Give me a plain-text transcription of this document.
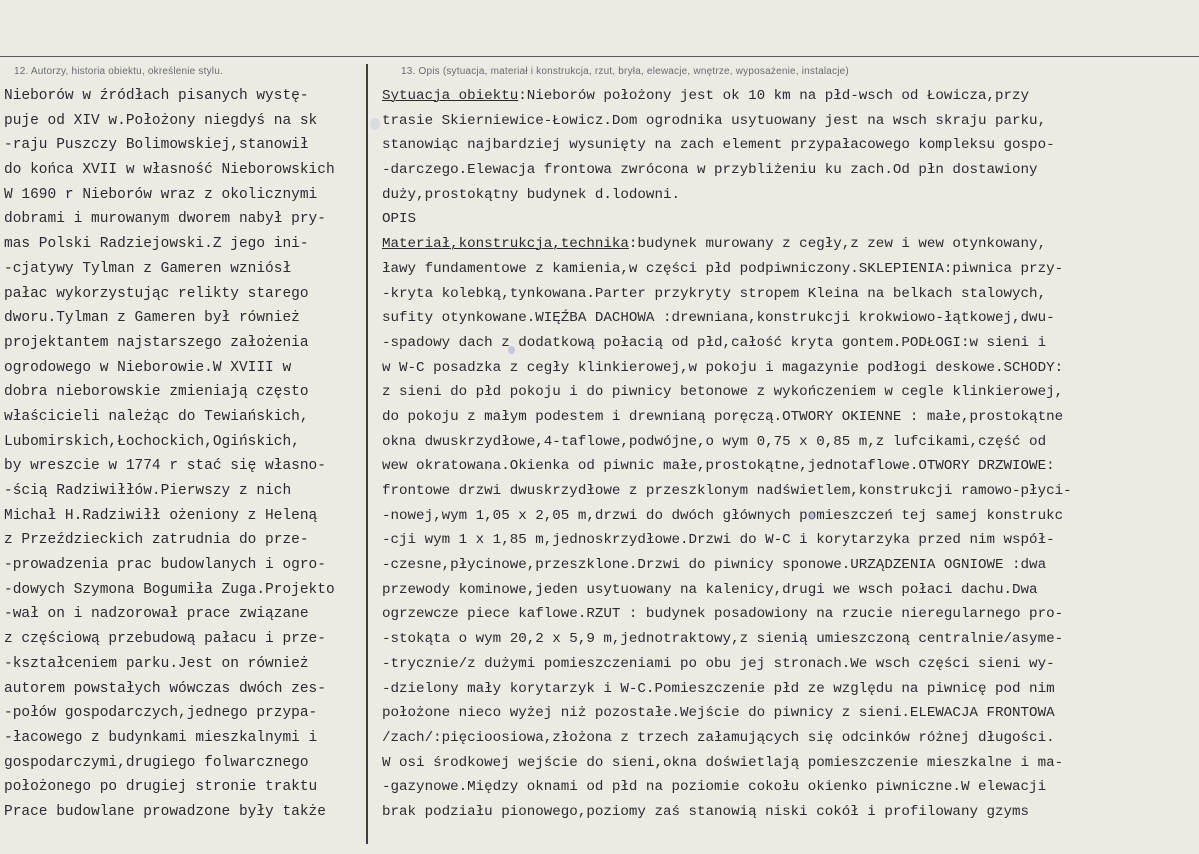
12. Autorzy, historia obiektu, określenie stylu.	13. Opis (sytuacja, materiał i konstrukcja, rzut, bryła, elewacje, wnętrze, wyposażenie, instalacje)
Nieborów w źródłach pisanych wystę-
puje od XIV w.Położony niegdyś na sk
-raju Puszczy Bolimowskiej,stanowił
do końca XVII w własność Nieborowskich
W 1690 r Nieborów wraz z okolicznymi
dobrami i murowanym dworem nabył pry-
mas Polski Radziejowski.Z jego ini-
-cjatywy Tylman z Gameren wzniósł
pałac wykorzystując relikty starego
dworu.Tylman z Gameren był również
projektantem najstarszego założenia
ogrodowego w Nieborowie.W XVIII w
dobra nieborowskie zmieniają często
właścicieli należąc do Tewiańskich,
Lubomirskich,Łochockich,Ogińskich,
by wreszcie w 1774 r stać się własno-
-ścią Radziwiłłów.Pierwszy z nich
Michał H.Radziwiłł ożeniony z Heleną
z Przeździeckich zatrudnia do prze-
-prowadzenia prac budowlanych i ogro-
-dowych Szymona Bogumiła Zuga.Projekto
-wał on i nadzorował prace związane
z częściową przebudową pałacu i prze-
-kształceniem parku.Jest on również
autorem powstałych wówczas dwóch zes-
-połów gospodarczych,jednego przypa-
-łacowego z budynkami mieszkalnymi i
gospodarczymi,drugiego folwarcznego
położonego po drugiej stronie traktu
Prace budowlane prowadzone były także
Sytuacja obiektu:Nieborów położony jest ok 10 km na płd-wsch od Łowicza,przy
trasie Skierniewice-Łowicz.Dom ogrodnika usytuowany jest na wsch skraju parku,
stanowiąc najbardziej wysunięty na zach element przypałacowego kompleksu gospo-
-darczego.Elewacja frontowa zwrócona w przybliżeniu ku zach.Od płn dostawiony
duży,prostokątny budynek d.lodowni.
OPIS
Materiał,konstrukcja,technika:budynek murowany z cegły,z zew i wew otynkowany,
ławy fundamentowe z kamienia,w części płd podpiwniczony.SKLEPIENIA:piwnica przy-
-kryta kolebką,tynkowana.Parter przykryty stropem Kleina na belkach stalowych,
sufity otynkowane.WIĘŹBA DACHOWA :drewniana,konstrukcji krokwiowo-łątkowej,dwu-
-spadowy dach z dodatkową połacią od płd,całość kryta gontem.PODŁOGI:w sieni i
w W-C posadzka z cegły klinkierowej,w pokoju i magazynie podłogi deskowe.SCHODY:
z sieni do płd pokoju i do piwnicy betonowe z wykończeniem w cegle klinkierowej,
do pokoju z małym podestem i drewnianą poręczą.OTWORY OKIENNE : małe,prostokątne
okna dwuskrzydłowe,4-taflowe,podwójne,o wym 0,75 x 0,85 m,z lufcikami,część od
wew okratowana.Okienka od piwnic małe,prostokątne,jednotaflowe.OTWORY DRZWIOWE:
frontowe drzwi dwuskrzydłowe z przeszklonym nadświetlem,konstrukcji ramowo-płyci-
-nowej,wym 1,05 x 2,05 m,drzwi do dwóch głównych pomieszczeń tej samej konstrukc
-cji wym 1 x 1,85 m,jednoskrzydłowe.Drzwi do W-C i korytarzyka przed nim współ-
-czesne,płycinowe,przeszklone.Drzwi do piwnicy sponowe.URZĄDZENIA OGNIOWE :dwa
przewody kominowe,jeden usytuowany na kalenicy,drugi we wsch połaci dachu.Dwa
ogrzewcze piece kaflowe.RZUT : budynek posadowiony na rzucie nieregularnego pro-
-stokąta o wym 20,2 x 5,9 m,jednotraktowy,z sienią umieszczoną centralnie/asyme-
-trycznie/z dużymi pomieszczeniami po obu jej stronach.We wsch części sieni wy-
-dzielony mały korytarzyk i W-C.Pomieszczenie płd ze względu na piwnicę pod nim
położone nieco wyżej niż pozostałe.Wejście do piwnicy z sieni.ELEWACJA FRONTOWA
/zach/:pięcioosiowa,złożona z trzech załamujących się odcinków różnej długości.
W osi środkowej wejście do sieni,okna doświetlają pomieszczenie mieszkalne i ma-
-gazynowe.Między oknami od płd na poziomie cokołu okienko piwniczne.W elewacji
brak podziału pionowego,poziomy zaś stanowią niski cokół i profilowany gzyms
